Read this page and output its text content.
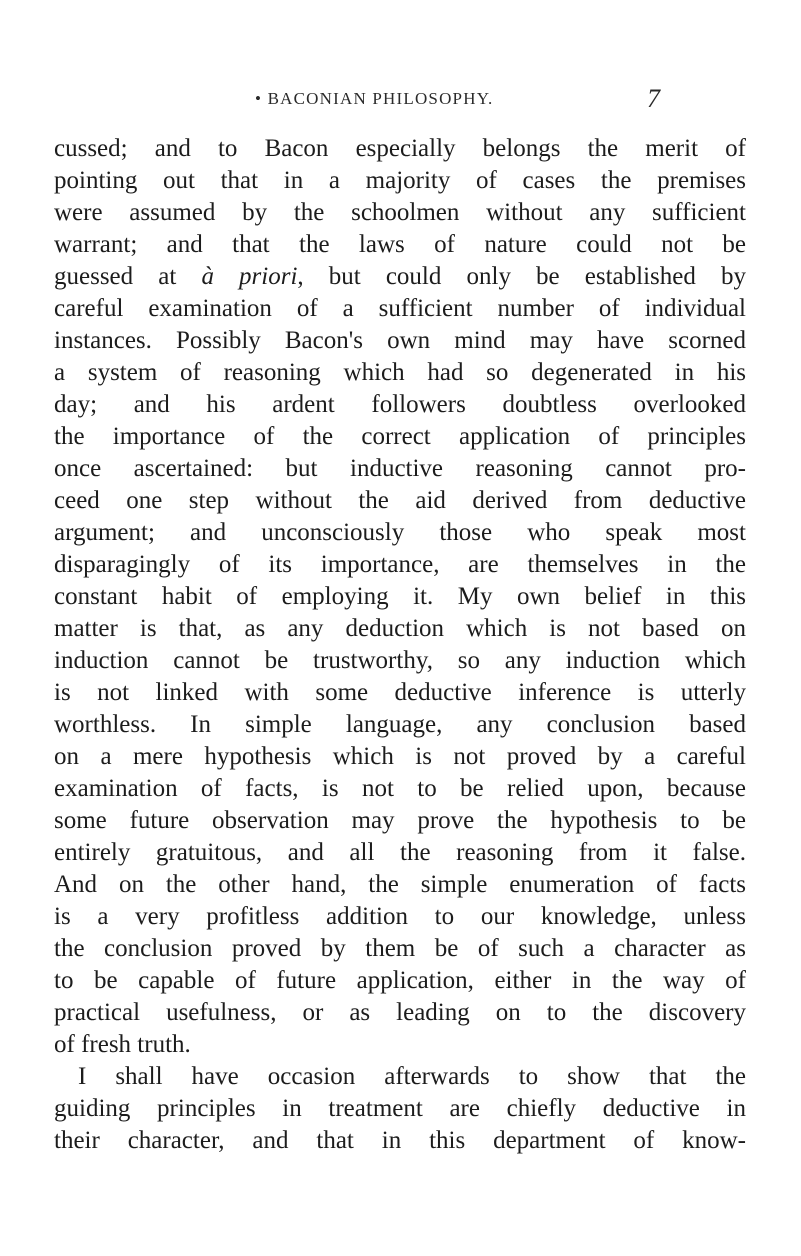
• BACONIAN PHILOSOPHY.	7
cussed; and to Bacon especially belongs the merit of
pointing out that in a majority of cases the premises
were assumed by the schoolmen without any sufficient
warrant; and that the laws of nature could not be
guessed at à priori, but could only be established by
careful examination of a sufficient number of individual
instances. Possibly Bacon's own mind may have scorned
a system of reasoning which had so degenerated in his
day; and his ardent followers doubtless overlooked
the importance of the correct application of principles
once ascertained: but inductive reasoning cannot pro-
ceed one step without the aid derived from deductive
argument; and unconsciously those who speak most
disparagingly of its importance, are themselves in the
constant habit of employing it. My own belief in this
matter is that, as any deduction which is not based on
induction cannot be trustworthy, so any induction which
is not linked with some deductive inference is utterly
worthless. In simple language, any conclusion based
on a mere hypothesis which is not proved by a careful
examination of facts, is not to be relied upon, because
some future observation may prove the hypothesis to be
entirely gratuitous, and all the reasoning from it false.
And on the other hand, the simple enumeration of facts
is a very profitless addition to our knowledge, unless
the conclusion proved by them be of such a character as
to be capable of future application, either in the way of
practical usefulness, or as leading on to the discovery
of fresh truth.
I shall have occasion afterwards to show that the
guiding principles in treatment are chiefly deductive in
their character, and that in this department of know-
